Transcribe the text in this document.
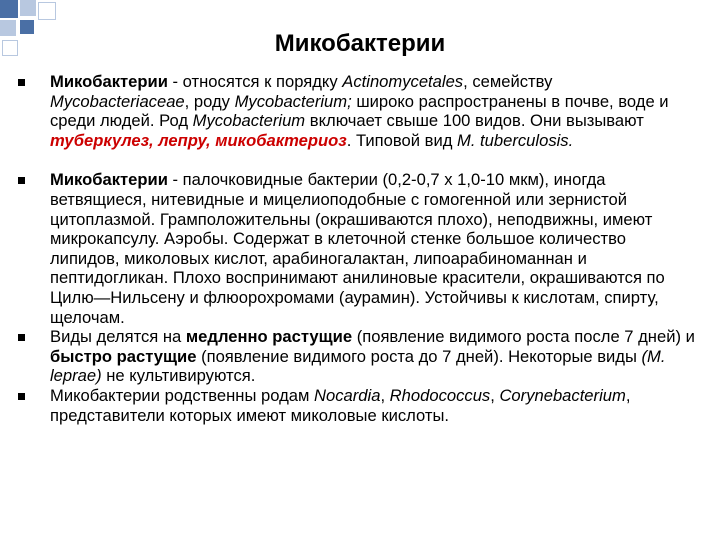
Микобактерии
Микобактерии - относятся к порядку Actinomycetales, семейству Mycobacteriaceae, роду Mycobacterium; широко распространены в почве, воде и среди людей. Род Mycobacterium включает свыше 100 видов. Они вызывают туберкулез, лепру, микобактериоз. Типовой вид M. tuberculosis.
Микобактерии - палочковидные бактерии (0,2-0,7 х 1,0-10 мкм), иногда ветвящиеся, нитевидные и мицелиоподобные с гомогенной или зернистой цитоплазмой. Грамположительны (окрашиваются плохо), неподвижны, имеют микрокапсулу. Аэробы. Содержат в клеточной стенке большое количество липидов, миколовых кислот, арабиногалактан, липоарабиноманнан и пептидогликан. Плохо воспринимают анилиновые красители, окрашиваются по Цилю—Нильсену и флюорохромами (аурамин). Устойчивы к кислотам, спирту, щелочам.
Виды делятся на медленно растущие (появление видимого роста после 7 дней) и быстро растущие (появление видимого роста до 7 дней). Некоторые виды (M. leprae) не культивируются.
Микобактерии родственны родам Nocardia, Rhodococcus, Corynebacterium, представители которых имеют миколовые кислоты.
